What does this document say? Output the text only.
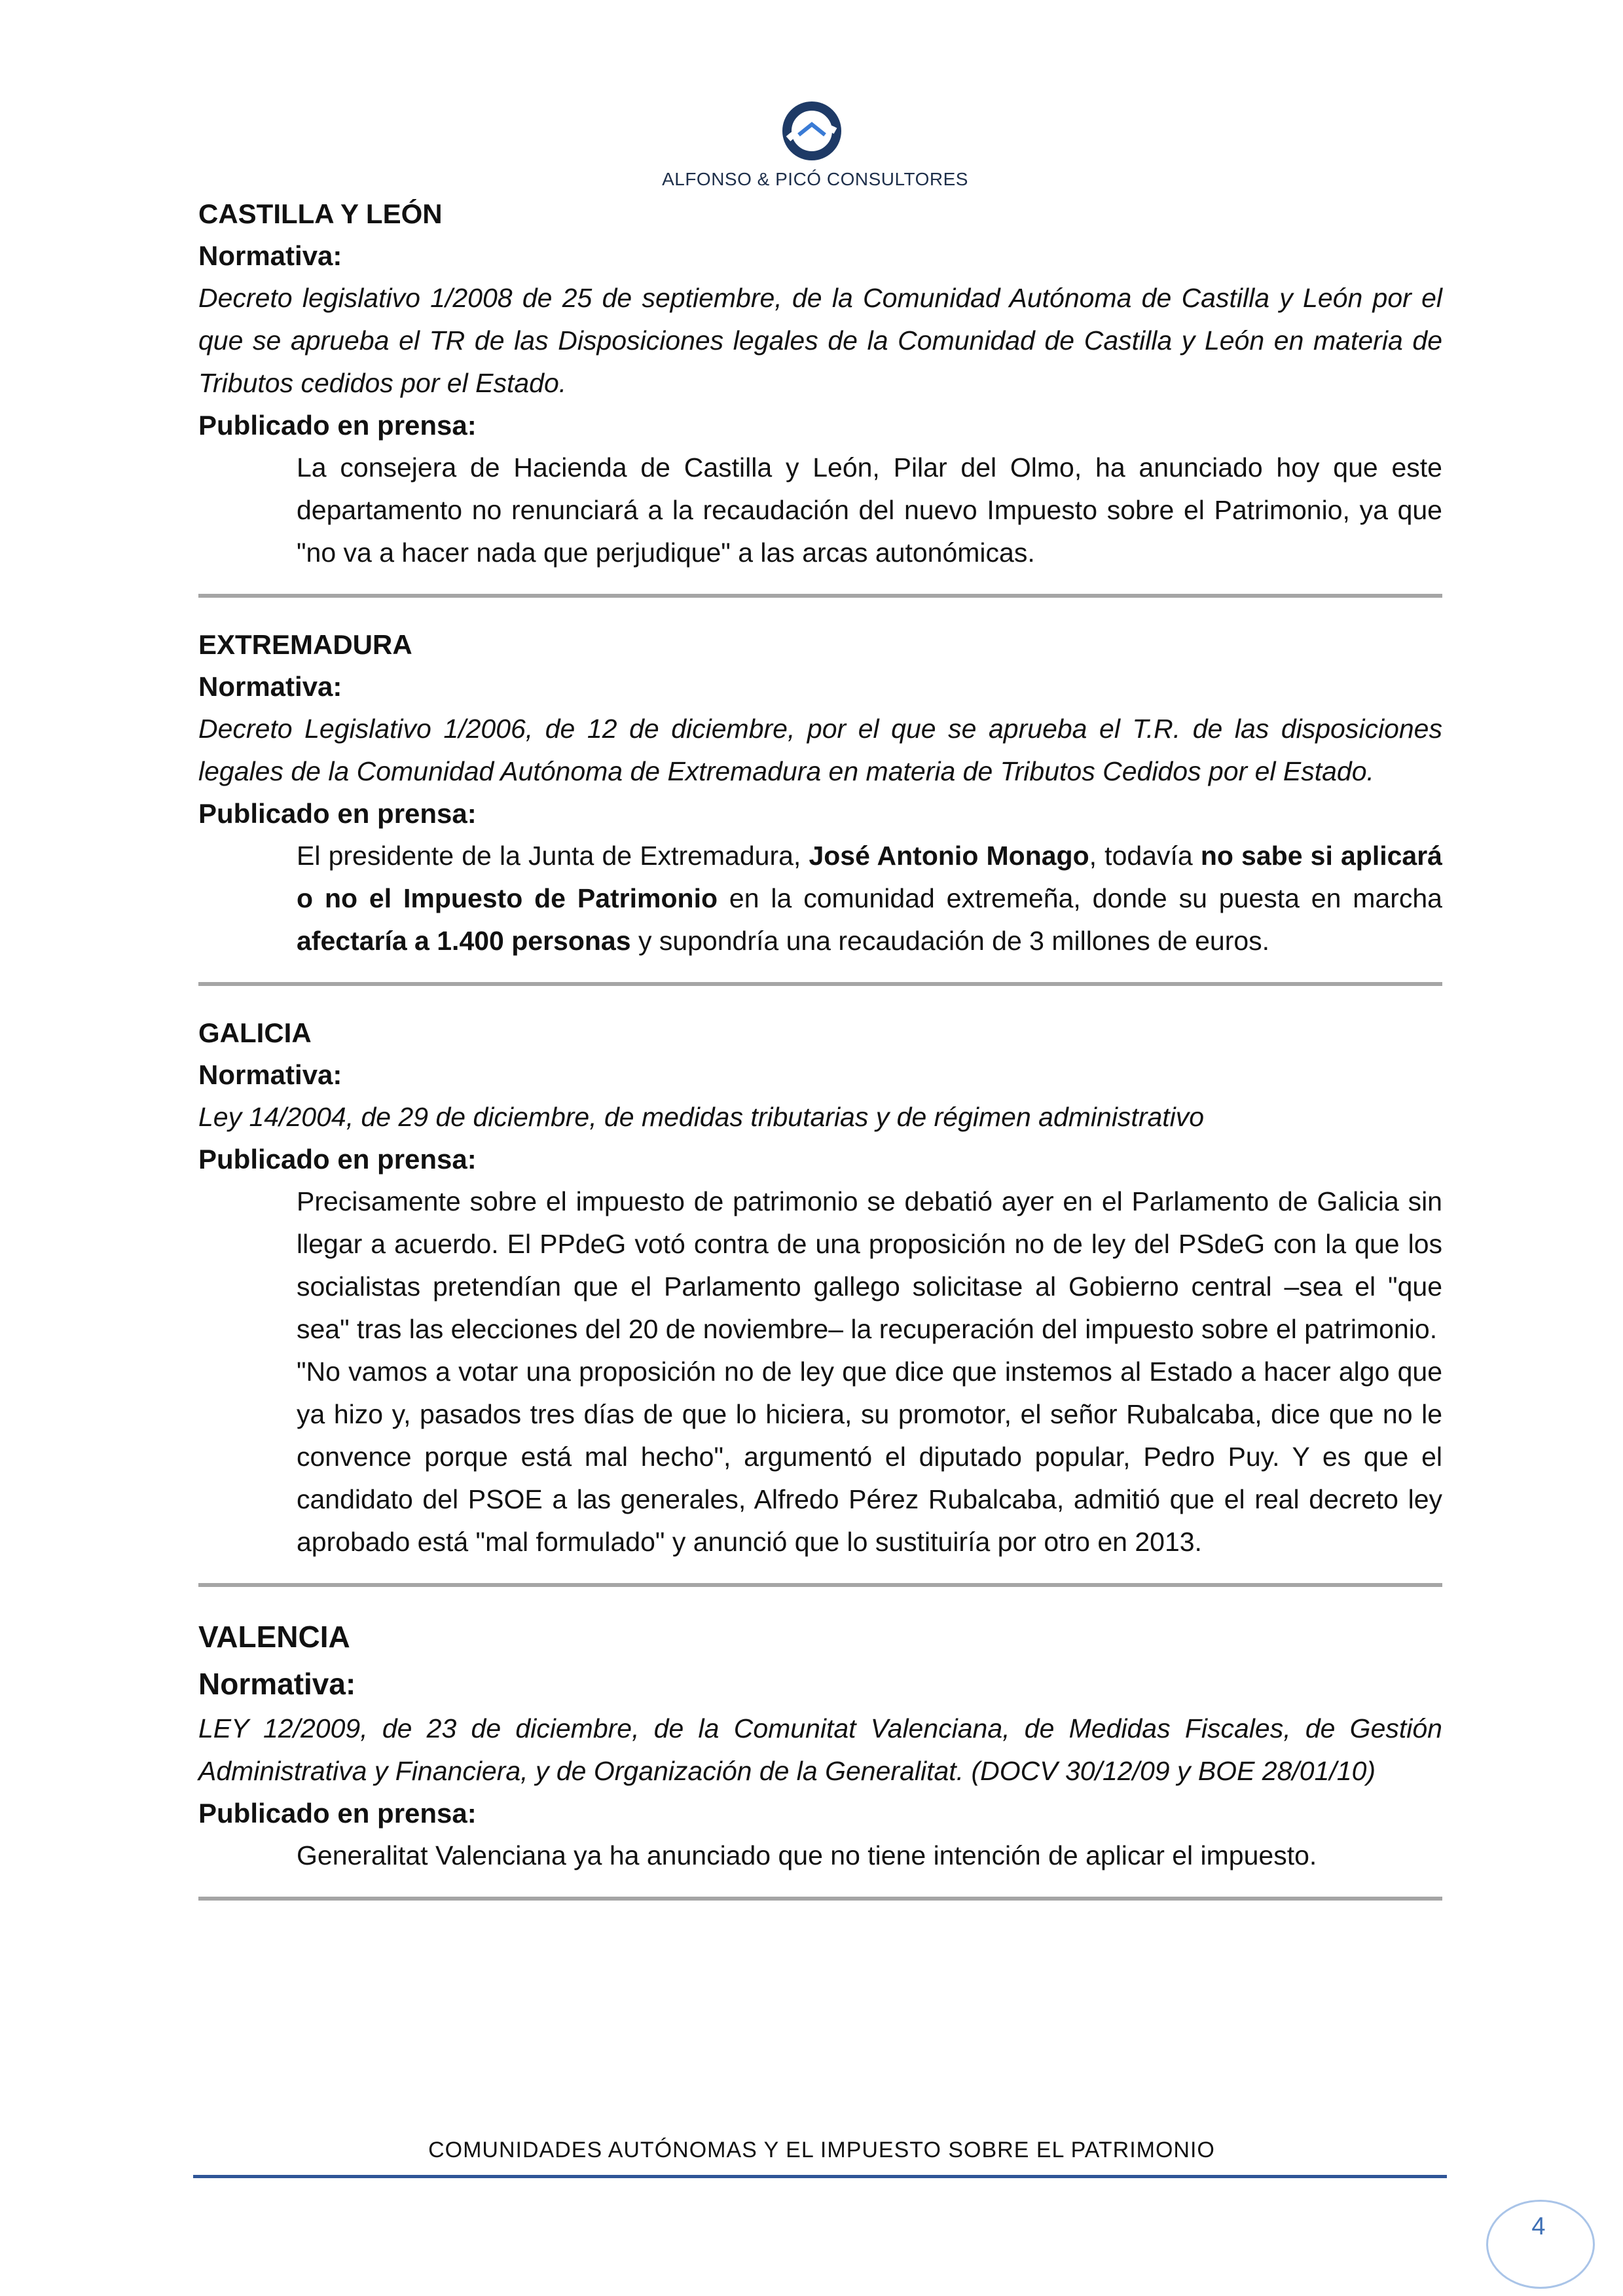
ALFONSO & PICÓ CONSULTORES

CASTILLA Y LEÓN

Normativa:

Decreto legislativo 1/2008 de 25 de septiembre, de la Comunidad Autónoma de Castilla y León por el que se aprueba el TR de las Disposiciones legales de la Comunidad de Castilla y León en materia de Tributos cedidos por el Estado.

Publicado en prensa:

La consejera de Hacienda de Castilla y León, Pilar del Olmo, ha anunciado hoy que este departamento no renunciará a la recaudación del nuevo Impuesto sobre el Patrimonio, ya que "no va a hacer nada que perjudique" a las arcas autonómicas.

EXTREMADURA

Normativa:

Decreto Legislativo 1/2006, de 12 de diciembre, por el que se aprueba el T.R. de las disposiciones legales de la Comunidad Autónoma de Extremadura en materia de Tributos Cedidos por el Estado.

Publicado en prensa:

El presidente de la Junta de Extremadura, José Antonio Monago, todavía no sabe si aplicará o no el Impuesto de Patrimonio en la comunidad extremeña, donde su puesta en marcha afectaría a 1.400 personas y supondría una recaudación de 3 millones de euros.

GALICIA

Normativa:

Ley 14/2004, de 29 de diciembre, de medidas tributarias y de régimen administrativo

Publicado en prensa:

Precisamente sobre el impuesto de patrimonio se debatió ayer en el Parlamento de Galicia sin llegar a acuerdo. El PPdeG votó contra de una proposición no de ley del PSdeG con la que los socialistas pretendían que el Parlamento gallego solicitase al Gobierno central –sea el "que sea" tras las elecciones del 20 de noviembre– la recuperación del impuesto sobre el patrimonio.

"No vamos a votar una proposición no de ley que dice que instemos al Estado a hacer algo que ya hizo y, pasados tres días de que lo hiciera, su promotor, el señor Rubalcaba, dice que no le convence porque está mal hecho", argumentó el diputado popular, Pedro Puy. Y es que el candidato del PSOE a las generales, Alfredo Pérez Rubalcaba, admitió que el real decreto ley aprobado está "mal formulado" y anunció que lo sustituiría por otro en 2013.

VALENCIA

Normativa:

LEY 12/2009, de 23 de diciembre, de la Comunitat Valenciana, de Medidas Fiscales, de Gestión Administrativa y Financiera, y de Organización de la Generalitat. (DOCV 30/12/09 y BOE 28/01/10)

Publicado en prensa:

Generalitat Valenciana ya ha anunciado que no tiene intención de aplicar el impuesto.

COMUNIDADES AUTÓNOMAS Y EL IMPUESTO SOBRE EL PATRIMONIO
4
